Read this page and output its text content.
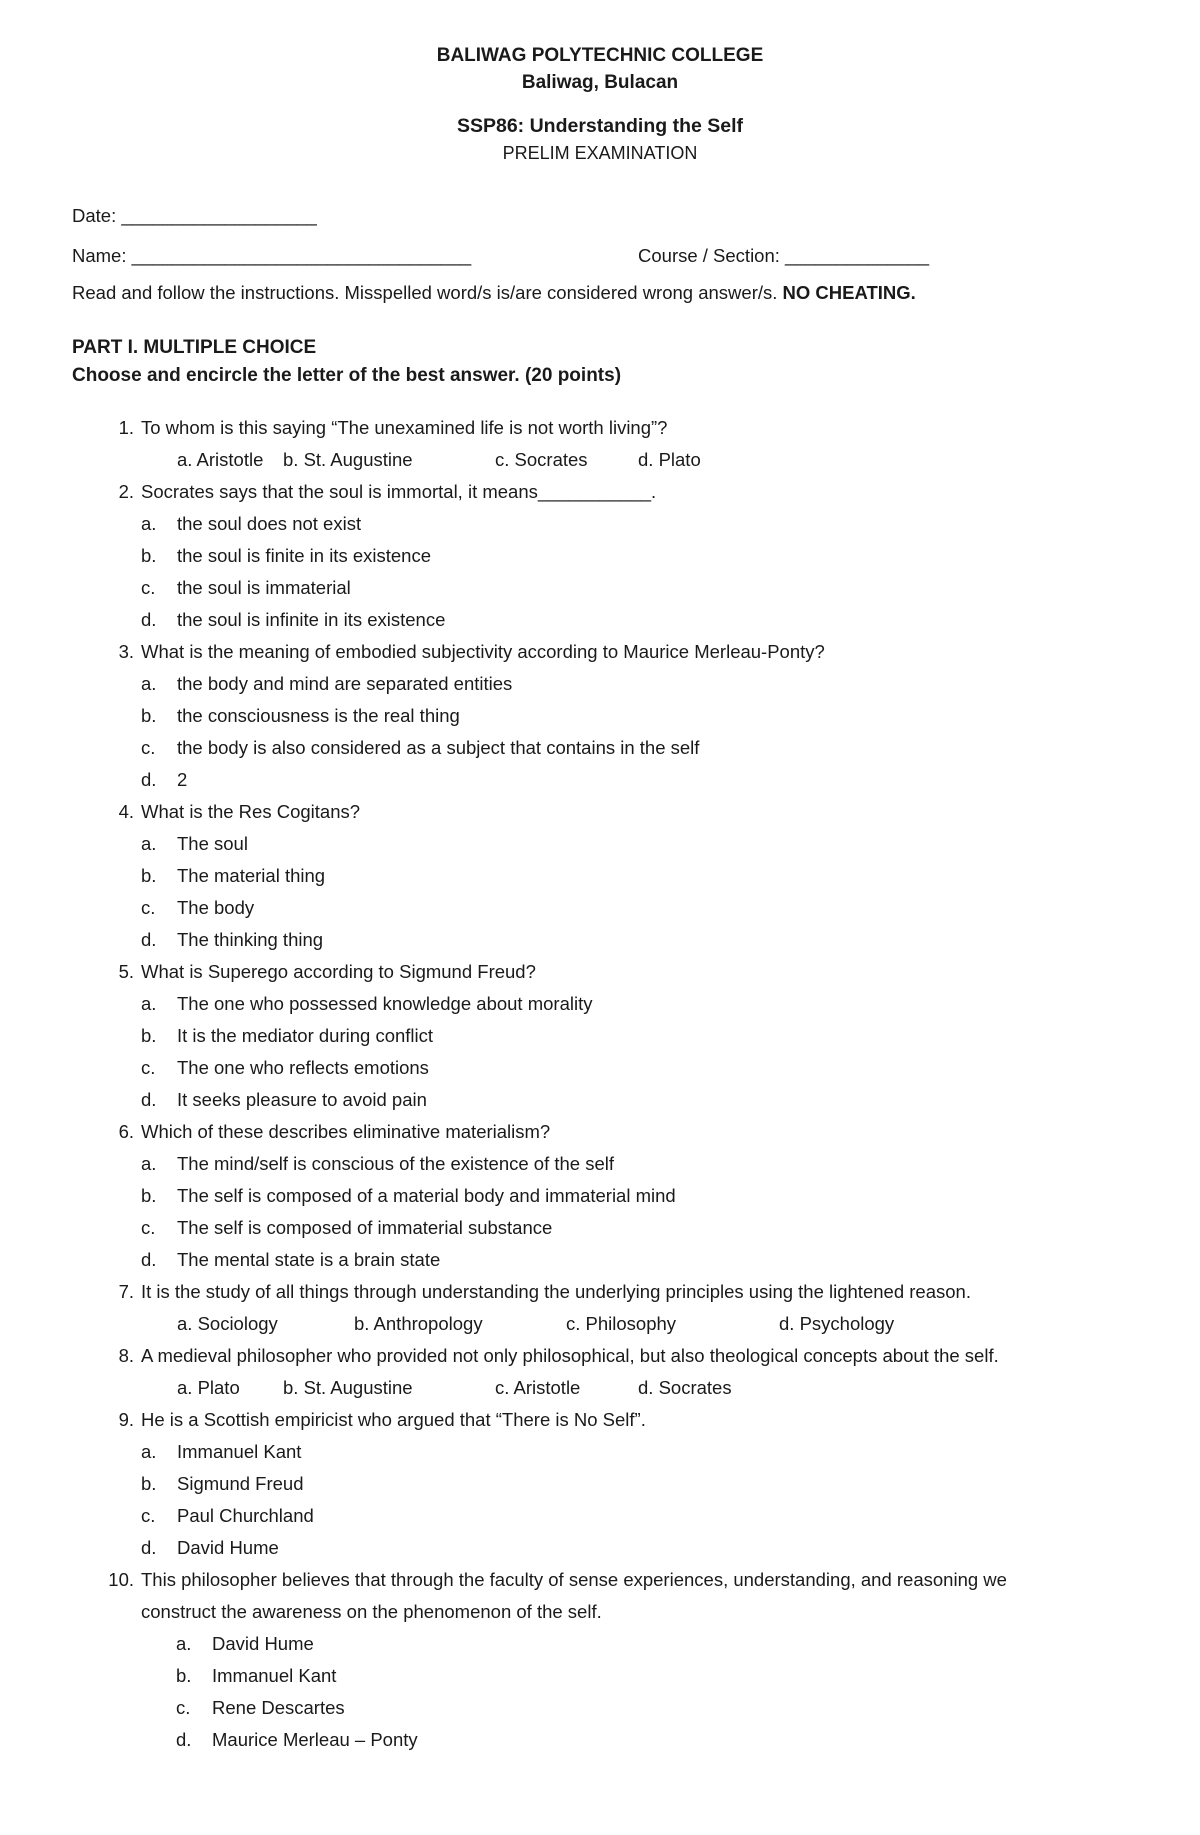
BALIWAG POLYTECHNIC COLLEGE
Baliwag, Bulacan
SSP86: Understanding the Self
PRELIM EXAMINATION
Date: ___________________
Name: _________________________________	Course / Section: ______________
Read and follow the instructions. Misspelled word/s is/are considered wrong answer/s. NO CHEATING.
PART I. MULTIPLE CHOICE
Choose and encircle the letter of the best answer. (20 points)
1. To whom is this saying “The unexamined life is not worth living”?
a. Aristotle b. St. Augustine	c. Socrates	d. Plato
2. Socrates says that the soul is immortal, it means___________.
a. the soul does not exist
b. the soul is finite in its existence
c. the soul is immaterial
d. the soul is infinite in its existence
3. What is the meaning of embodied subjectivity according to Maurice Merleau-Ponty?
a. the body and mind are separated entities
b. the consciousness is the real thing
c. the body is also considered as a subject that contains in the self
d. 2
4. What is the Res Cogitans?
a. The soul
b. The material thing
c. The body
d. The thinking thing
5. What is Superego according to Sigmund Freud?
a. The one who possessed knowledge about morality
b. It is the mediator during conflict
c. The one who reflects emotions
d. It seeks pleasure to avoid pain
6. Which of these describes eliminative materialism?
a. The mind/self is conscious of the existence of the self
b. The self is composed of a material body and immaterial mind
c. The self is composed of immaterial substance
d. The mental state is a brain state
7. It is the study of all things through understanding the underlying principles using the lightened reason.
a. Sociology	b. Anthropology	c. Philosophy	d. Psychology
8. A medieval philosopher who provided not only philosophical, but also theological concepts about the self.
a. Plato b. St. Augustine	c. Aristotle	d. Socrates
9. He is a Scottish empiricist who argued that “There is No Self”.
a. Immanuel Kant
b. Sigmund Freud
c. Paul Churchland
d. David Hume
10. This philosopher believes that through the faculty of sense experiences, understanding, and reasoning we
construct the awareness on the phenomenon of the self.
a. David Hume
b. Immanuel Kant
c. Rene Descartes
d. Maurice Merleau – Ponty
